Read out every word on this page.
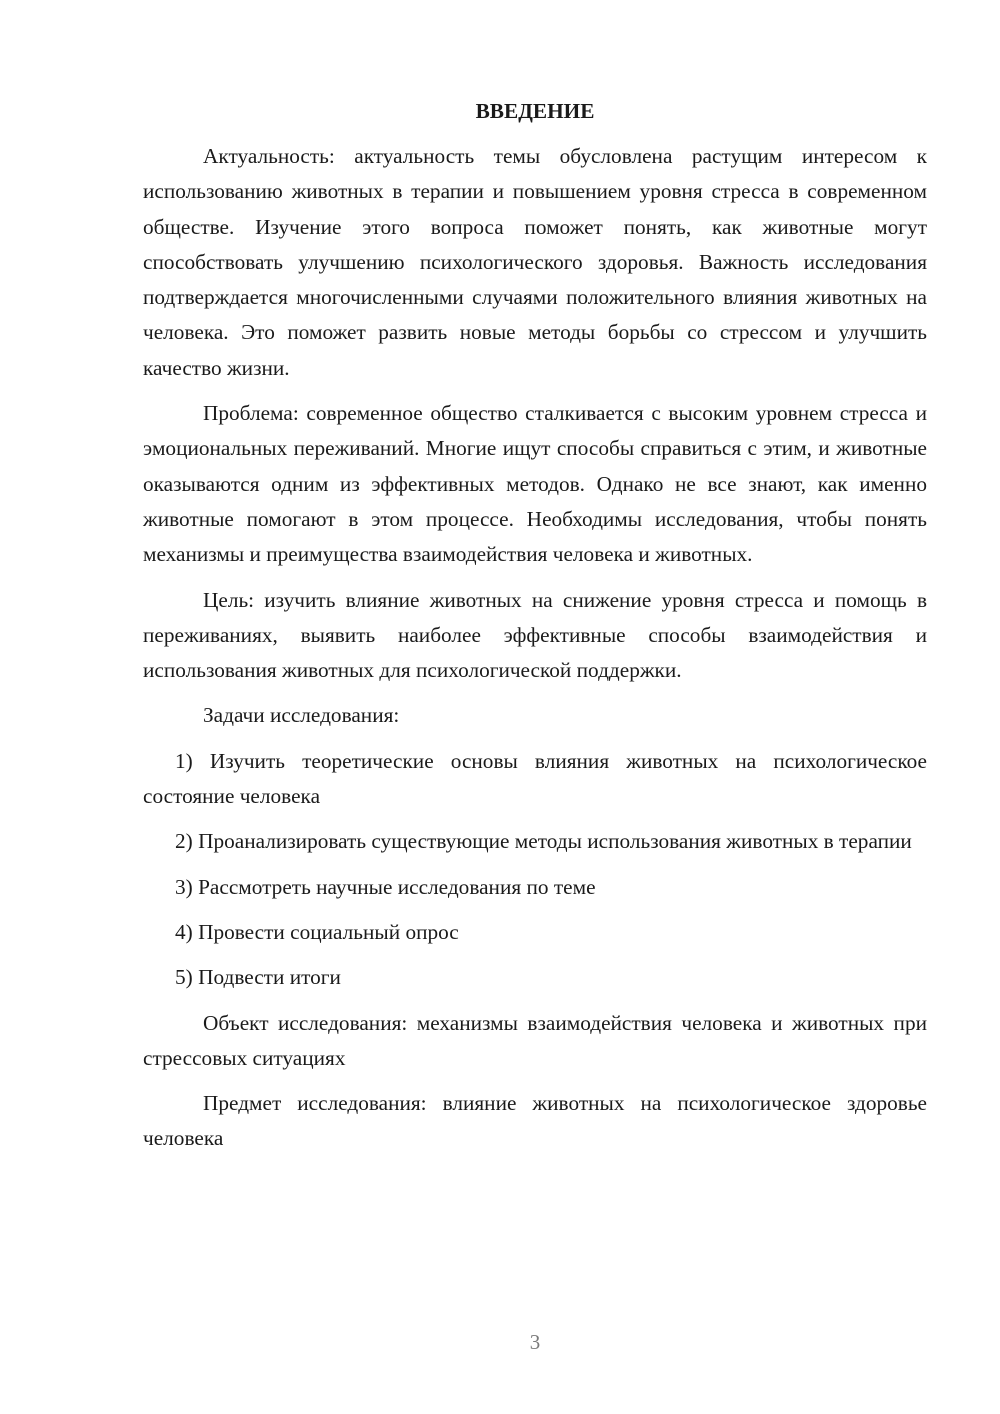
ВВЕДЕНИЕ

Актуальность: актуальность темы обусловлена растущим интересом к использованию животных в терапии и повышением уровня стресса в современном обществе. Изучение этого вопроса поможет понять, как животные могут способствовать улучшению психологического здоровья. Важность исследования подтверждается многочисленными случаями положительного влияния животных на человека. Это поможет развить новые методы борьбы со стрессом и улучшить качество жизни.

Проблема: современное общество сталкивается с высоким уровнем стресса и эмоциональных переживаний. Многие ищут способы справиться с этим, и животные оказываются одним из эффективных методов. Однако не все знают, как именно животные помогают в этом процессе. Необходимы исследования, чтобы понять механизмы и преимущества взаимодействия человека и животных.

Цель: изучить влияние животных на снижение уровня стресса и помощь в переживаниях, выявить наиболее эффективные способы взаимодействия и использования животных для психологической поддержки.

Задачи исследования:

1) Изучить теоретические основы влияния животных на психологическое состояние человека

2) Проанализировать существующие методы использования животных в терапии

3) Рассмотреть научные исследования по теме

4) Провести социальный опрос

5) Подвести итоги

Объект исследования: механизмы взаимодействия человека и животных при стрессовых ситуациях

Предмет исследования: влияние животных на психологическое здоровье человека

3
